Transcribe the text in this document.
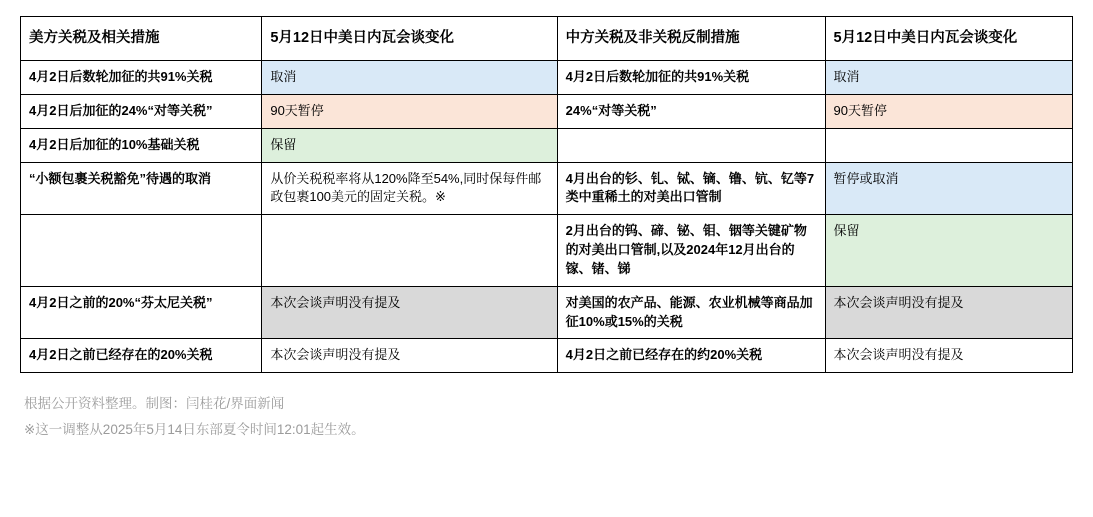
美方关税及相关措施	5月12日中美日内瓦会谈变化	中方关税及非关税反制措施	5月12日中美日内瓦会谈变化
4月2日后数轮加征的共91%关税	取消	4月2日后数轮加征的共91%关税	取消
4月2日后加征的24%“对等关税”	90天暂停	24%“对等关税”	90天暂停
4月2日后加征的10%基础关税	保留		
“小额包裹关税豁免”待遇的取消	从价关税税率将从120%降至54%,同时保每件邮政包裹100美元的固定关税。※	4月出台的钐、钆、铽、镝、镥、钪、钇等7类中重稀土的对美出口管制	暂停或取消
		2月出台的钨、碲、铋、钼、铟等关键矿物的对美出口管制,以及2024年12月出台的镓、锗、锑	保留
4月2日之前的20%“芬太尼关税”	本次会谈声明没有提及	对美国的农产品、能源、农业机械等商品加征10%或15%的关税	本次会谈声明没有提及
4月2日之前已经存在的20%关税	本次会谈声明没有提及	4月2日之前已经存在的约20%关税	本次会谈声明没有提及
根据公开资料整理。制图：闫桂花/界面新闻
※这一调整从2025年5月14日东部夏令时间12:01起生效。
